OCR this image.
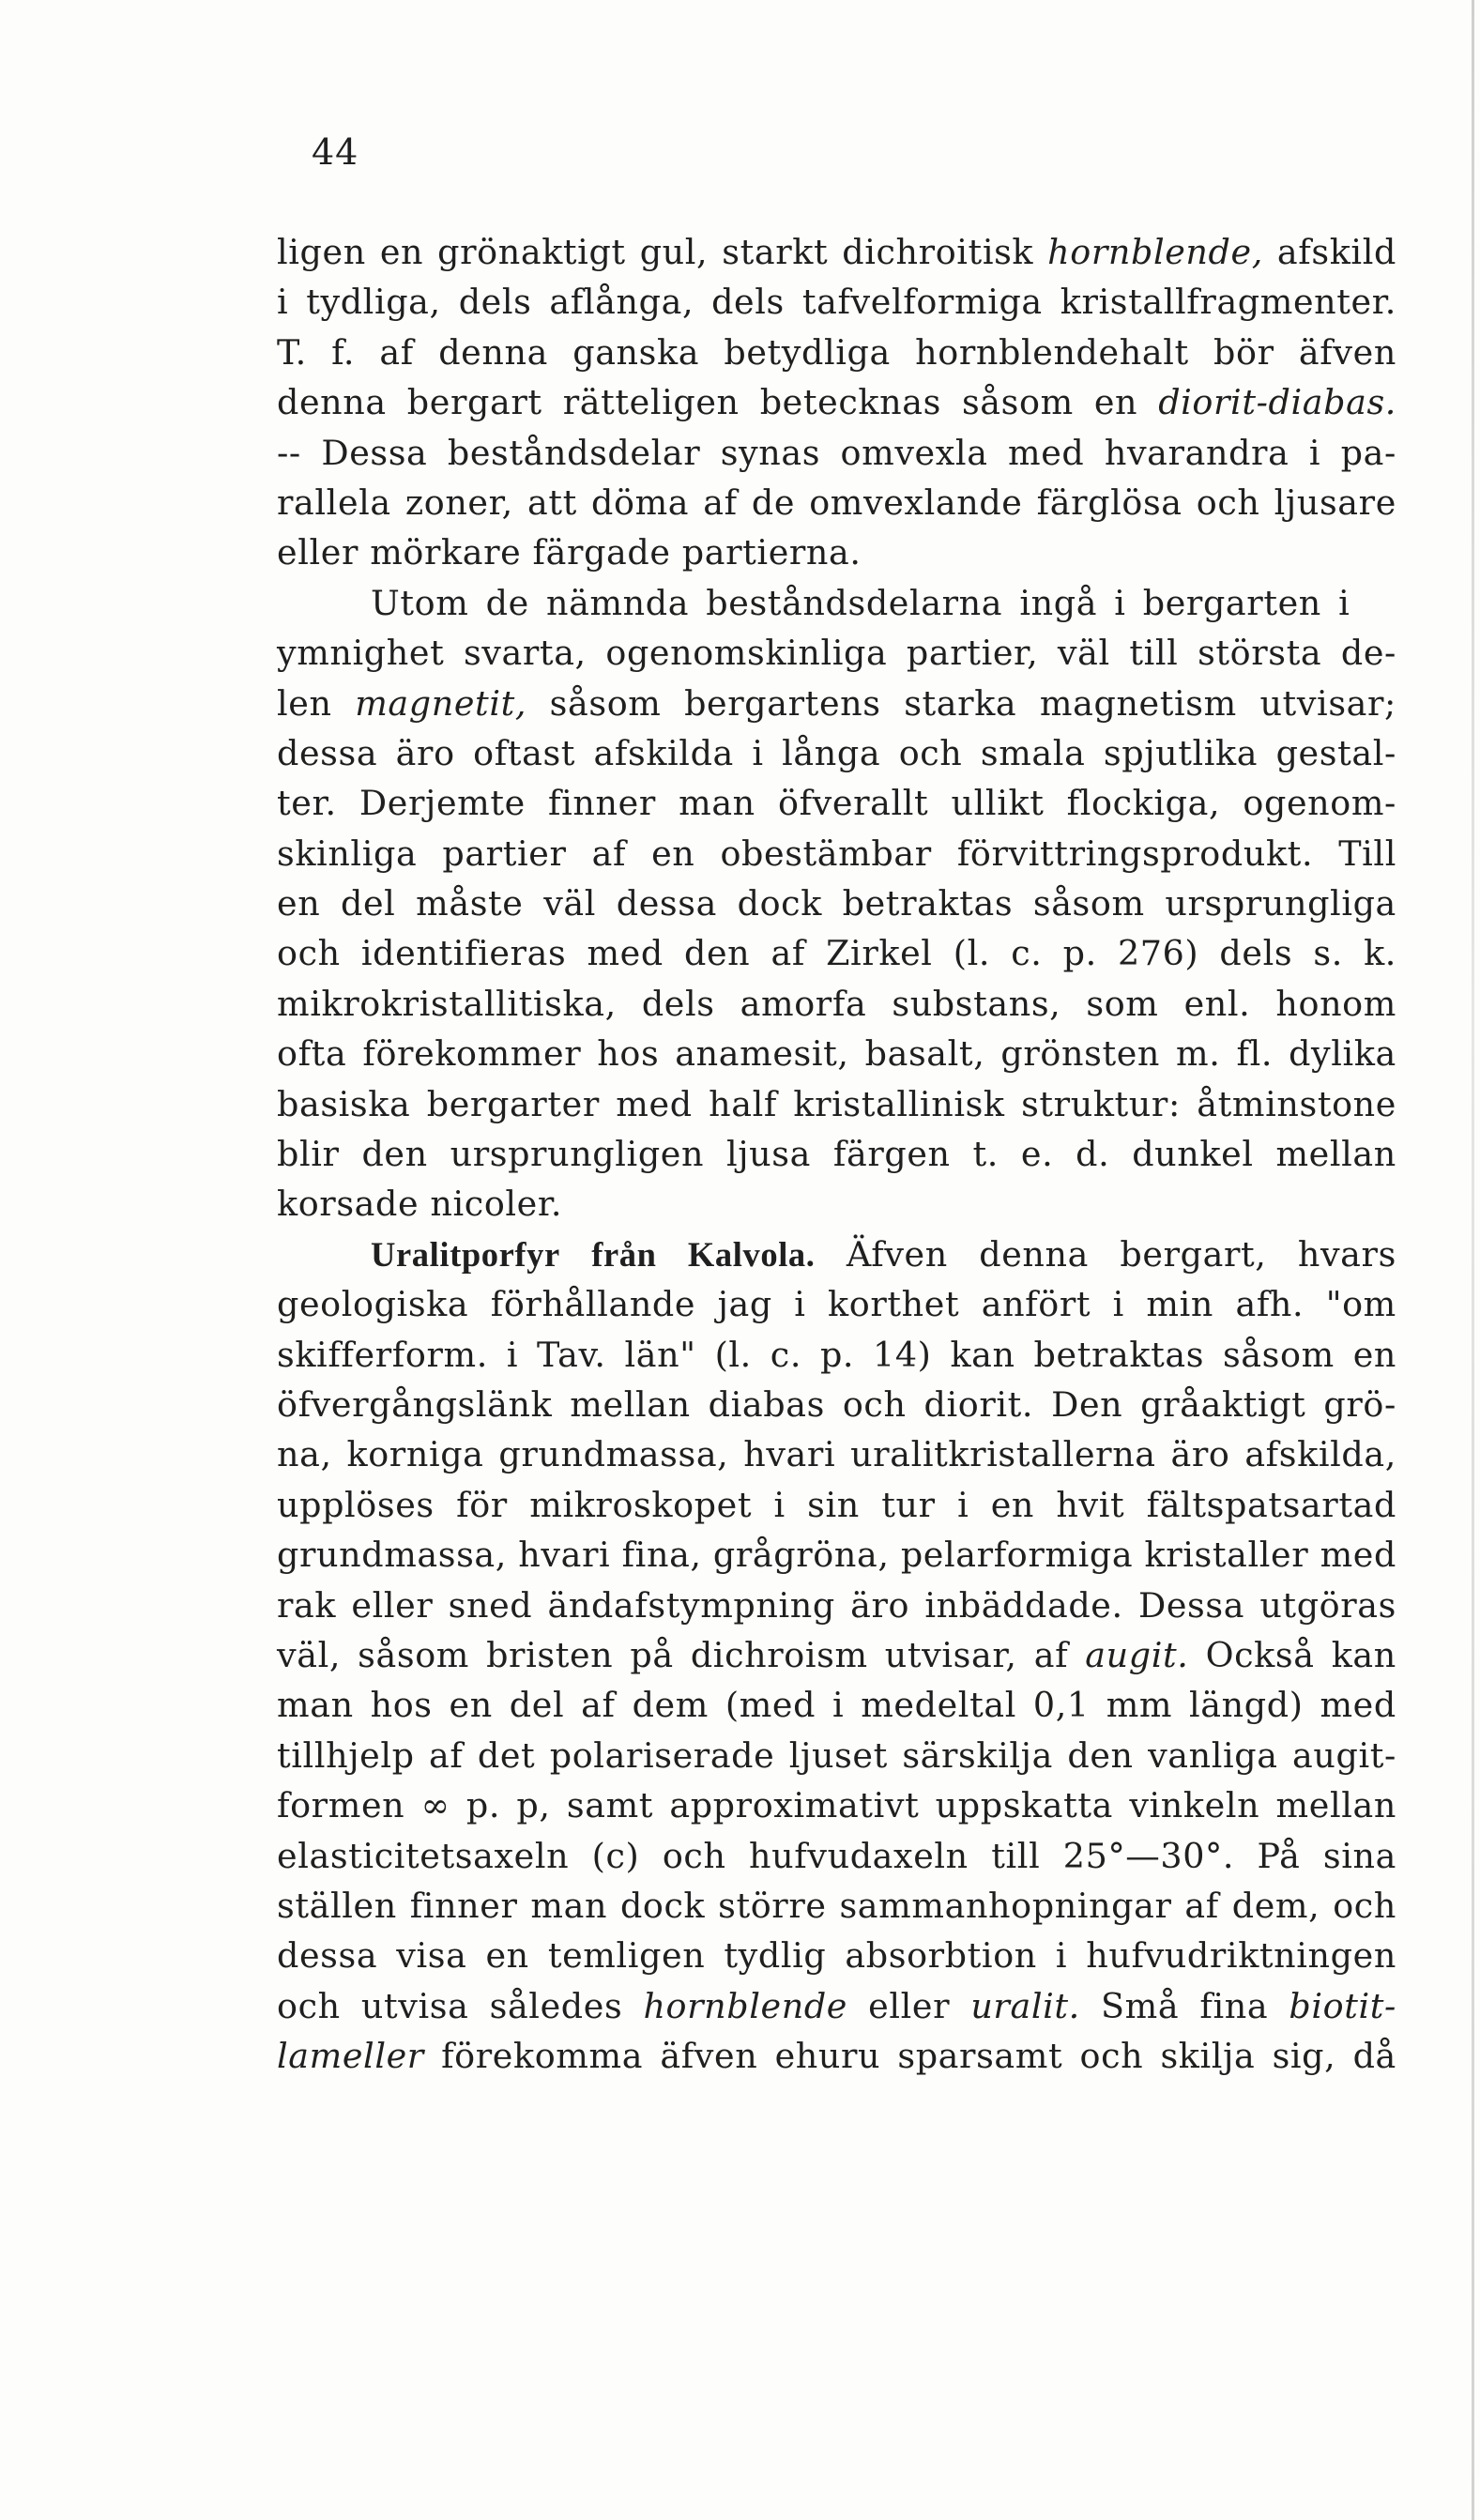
44
ligen en grönaktigt gul, starkt dichroitisk hornblende, afskild
i tydliga, dels aflånga, dels tafvelformiga kristallfragmenter.
T. f. af denna ganska betydliga hornblendehalt bör äfven
denna bergart rätteligen betecknas såsom en diorit-diabas.
-- Dessa beståndsdelar synas omvexla med hvarandra i pa-
rallela zoner, att döma af de omvexlande färglösa och ljusare
eller mörkare färgade partierna.
Utom de nämnda beståndsdelarna ingå i bergarten i
ymnighet svarta, ogenomskinliga partier, väl till största de-
len magnetit, såsom bergartens starka magnetism utvisar;
dessa äro oftast afskilda i långa och smala spjutlika gestal-
ter. Derjemte finner man öfverallt ullikt flockiga, ogenom-
skinliga partier af en obestämbar förvittringsprodukt. Till
en del måste väl dessa dock betraktas såsom ursprungliga
och identifieras med den af Zirkel (l. c. p. 276) dels s. k.
mikrokristallitiska, dels amorfa substans, som enl. honom
ofta förekommer hos anamesit, basalt, grönsten m. fl. dylika
basiska bergarter med half kristallinisk struktur: åtminstone
blir den ursprungligen ljusa färgen t. e. d. dunkel mellan
korsade nicoler.
Uralitporfyr från Kalvola. Äfven denna bergart, hvars
geologiska förhållande jag i korthet anfört i min afh. "om
skifferform. i Tav. län" (l. c. p. 14) kan betraktas såsom en
öfvergångslänk mellan diabas och diorit. Den gråaktigt grö-
na, korniga grundmassa, hvari uralitkristallerna äro afskilda,
upplöses för mikroskopet i sin tur i en hvit fältspatsartad
grundmassa, hvari fina, grågröna, pelarformiga kristaller med
rak eller sned ändafstympning äro inbäddade. Dessa utgöras
väl, såsom bristen på dichroism utvisar, af augit. Också kan
man hos en del af dem (med i medeltal 0,1 mm längd) med
tillhjelp af det polariserade ljuset särskilja den vanliga augit-
formen ∞ p. p, samt approximativt uppskatta vinkeln mellan
elasticitetsaxeln (c) och hufvudaxeln till 25°—30°. På sina
ställen finner man dock större sammanhopningar af dem, och
dessa visa en temligen tydlig absorbtion i hufvudriktningen
och utvisa således hornblende eller uralit. Små fina biotit-
lameller förekomma äfven ehuru sparsamt och skilja sig, då
